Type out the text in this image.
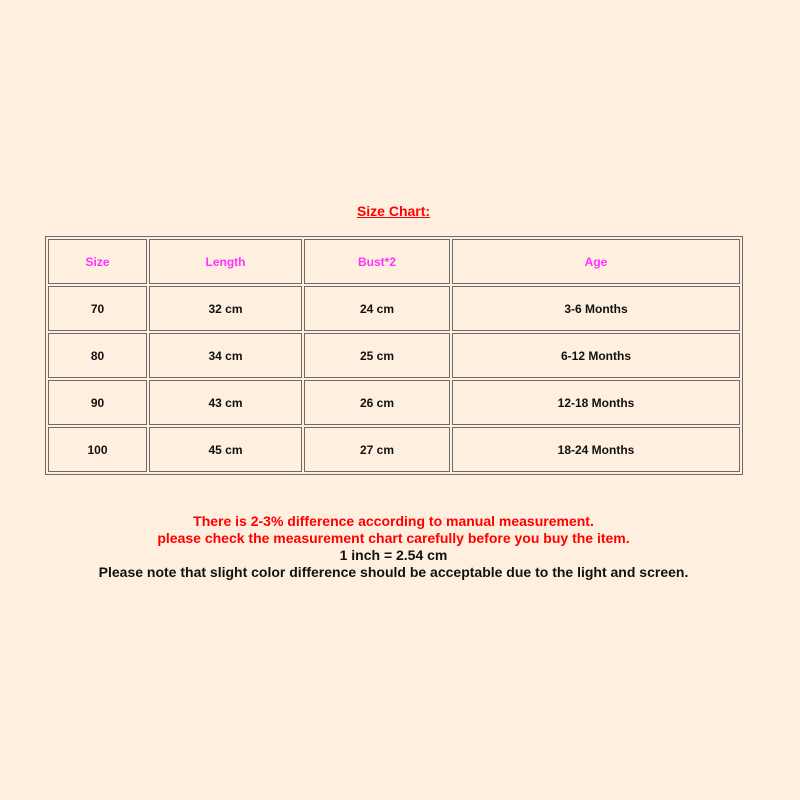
Size Chart:
Size	Length	Bust*2	Age
70	32 cm	24 cm	3-6 Months
80	34 cm	25 cm	6-12 Months
90	43 cm	26 cm	12-18 Months
100	45 cm	27 cm	18-24 Months
There is 2-3% difference according to manual measurement.
please check the measurement chart carefully before you buy the item.
1 inch = 2.54 cm
Please note that slight color difference should be acceptable due to the light and screen.
